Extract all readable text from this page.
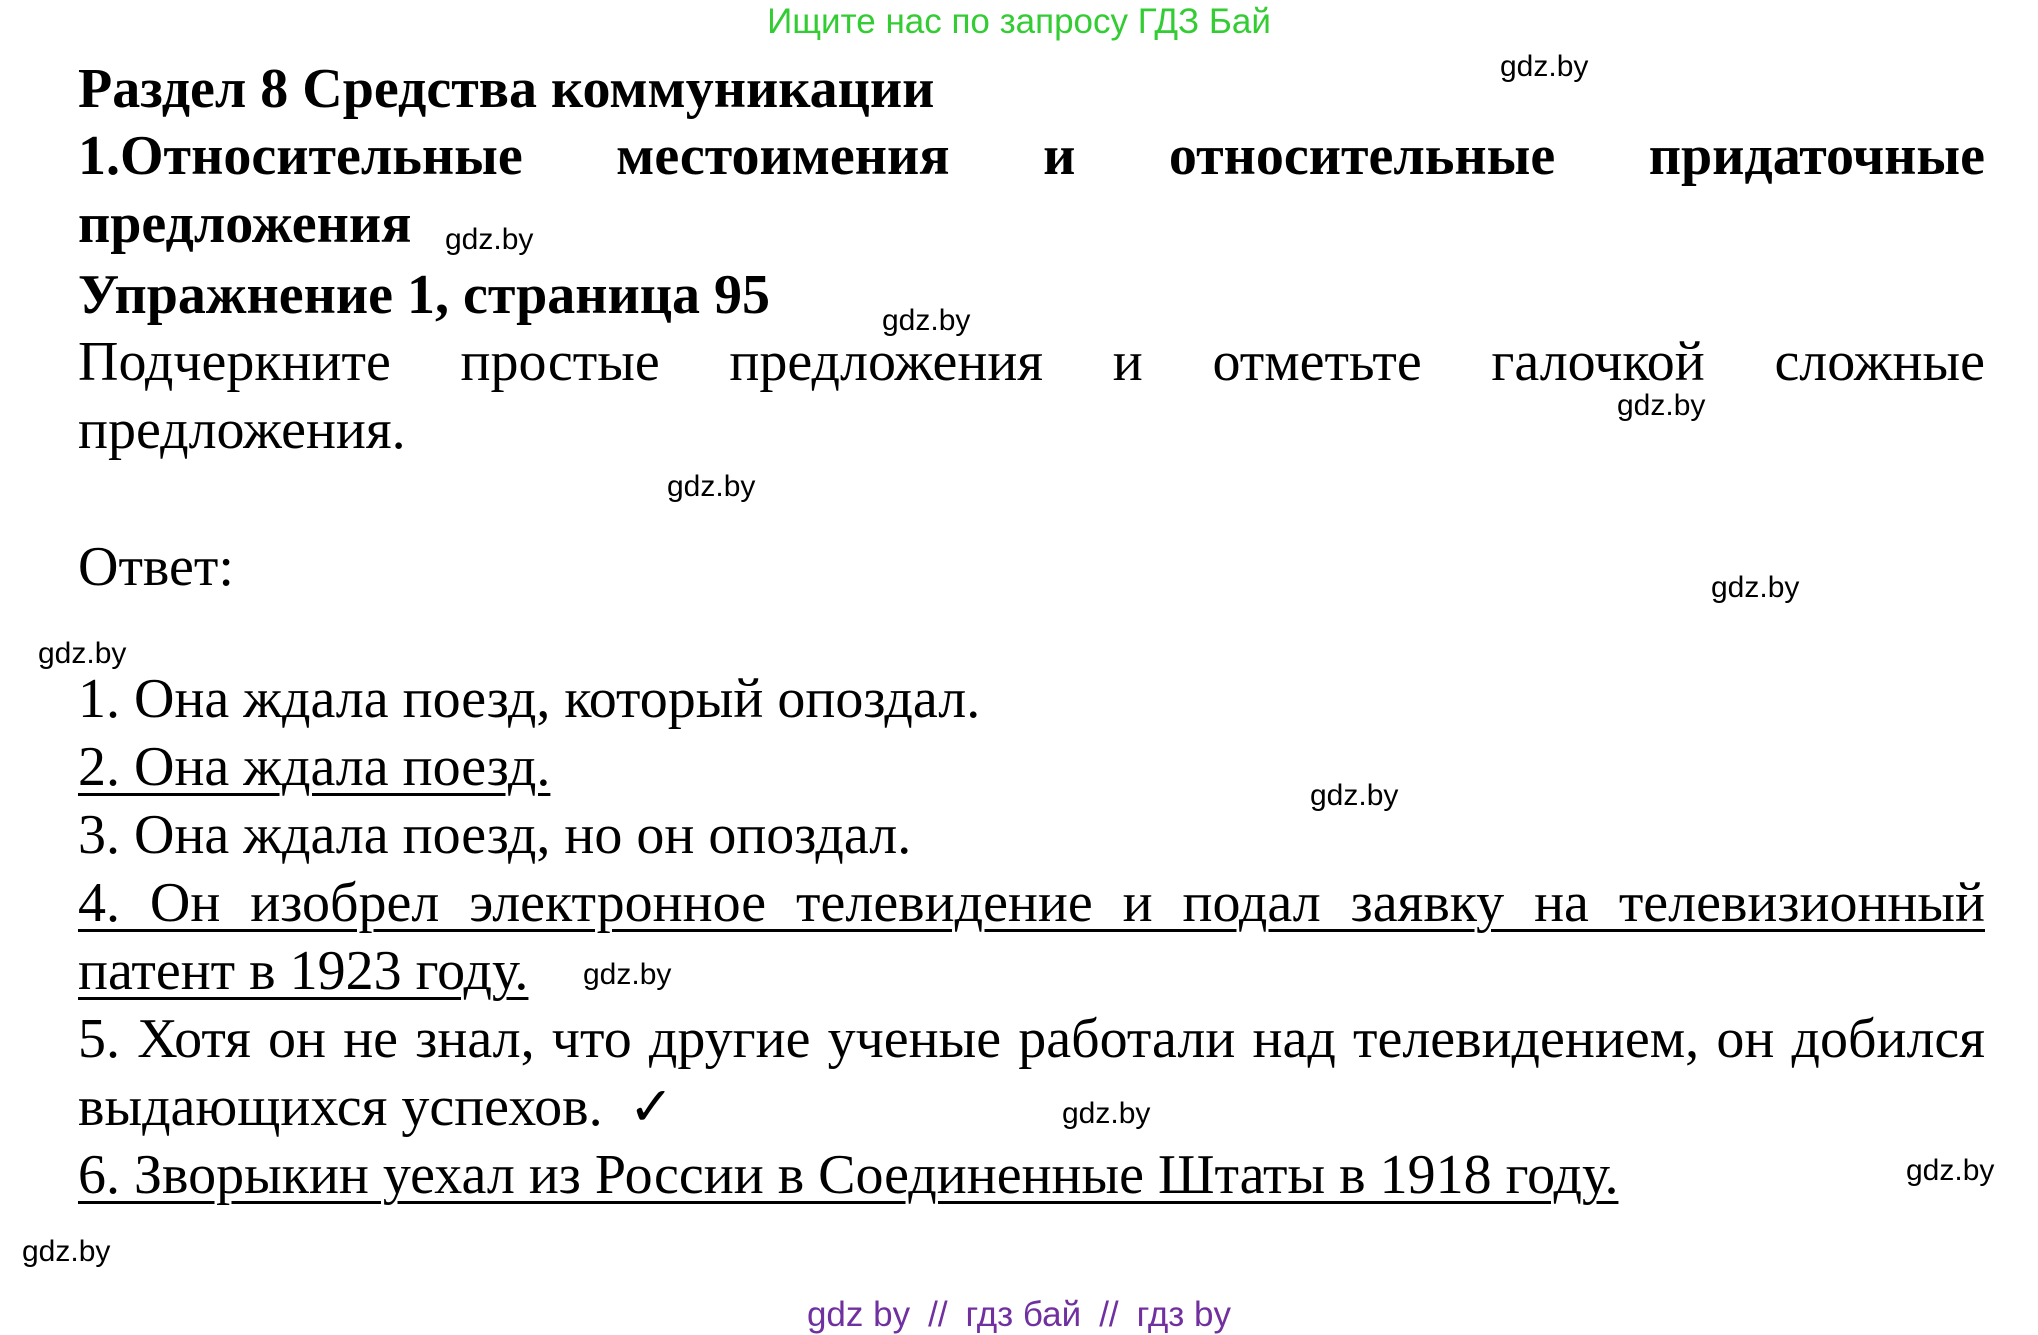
Ищите нас по запросу ГДЗ Бай
Раздел 8 Средства коммуникации
1.Относительные местоимения и относительные придаточные предложения
Упражнение 1, страница 95

Подчеркните простые предложения и отметьте галочкой сложные предложения.

Ответ:

1. Она ждала поезд, который опоздал.

2. Она ждала поезд.

3. Она ждала поезд, но он опоздал.

4. Он изобрел электронное телевидение и подал заявку на телевизионный патент в 1923 году.

5. Хотя он не знал, что другие ученые работали над телевидением, он добился выдающихся успехов. ✓

6. Зворыкин уехал из России в Соединенные Штаты в 1918 году.

gdz.by
gdz.by
gdz.by
gdz.by
gdz.by
gdz.by
gdz.by
gdz.by
gdz.by
gdz.by
gdz.by
gdz.by
gdz by // гдз бай // гдз by
